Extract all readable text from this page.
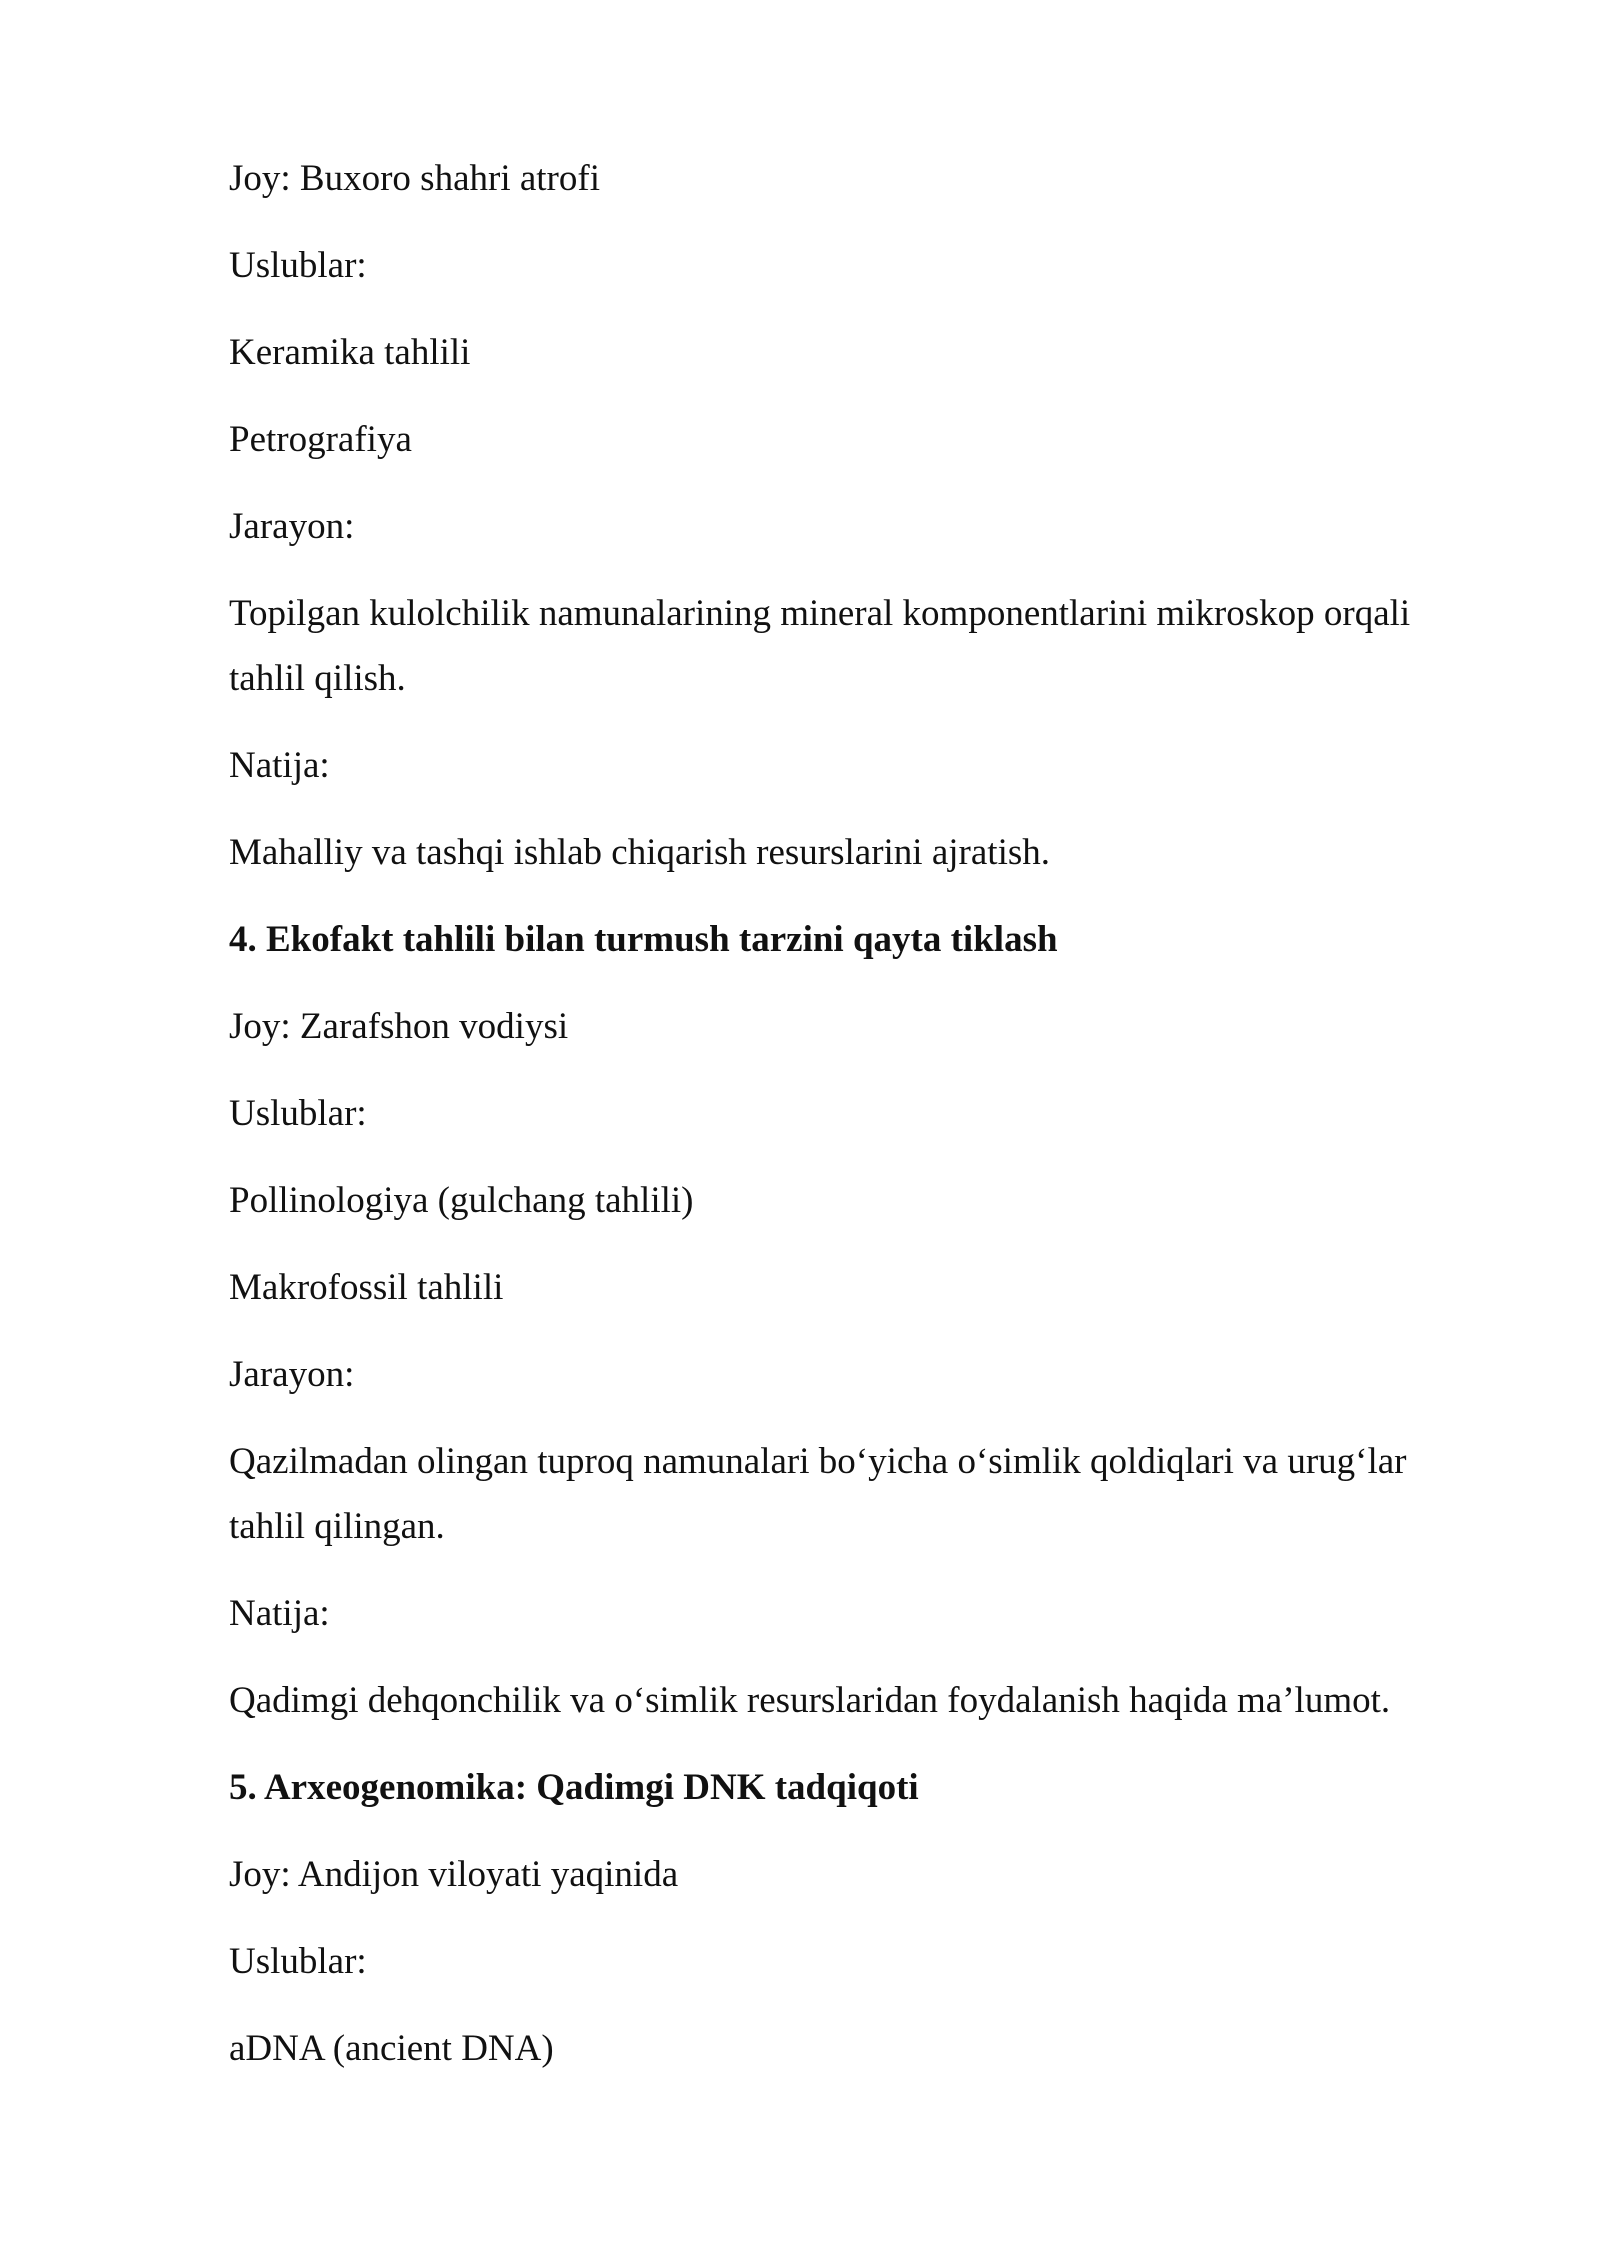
Joy: Buxoro shahri atrofi

Uslublar:

Keramika tahlili

Petrografiya

Jarayon:

Topilgan kulolchilik namunalarining mineral komponentlarini mikroskop orqali tahlil qilish.

Natija:

Mahalliy va tashqi ishlab chiqarish resurslarini ajratish.

4. Ekofakt tahlili bilan turmush tarzini qayta tiklash

Joy: Zarafshon vodiysi

Uslublar:

Pollinologiya (gulchang tahlili)

Makrofossil tahlili

Jarayon:

Qazilmadan olingan tuproq namunalari bo‘yicha o‘simlik qoldiqlari va urug‘lar tahlil qilingan.

Natija:

Qadimgi dehqonchilik va o‘simlik resurslaridan foydalanish haqida ma’lumot.

5. Arxeogenomika: Qadimgi DNK tadqiqoti

Joy: Andijon viloyati yaqinida

Uslublar:

aDNA (ancient DNA)
